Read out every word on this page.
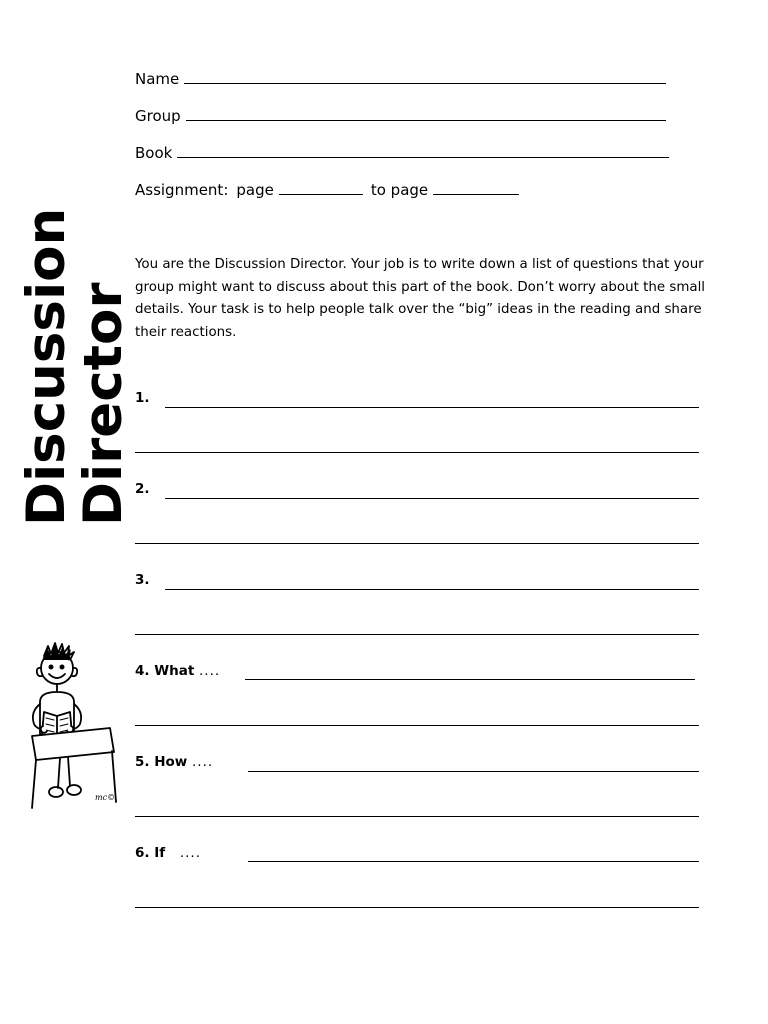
Name
Group
Book
Assignment: page	to page
Discussion
Director

You are the Discussion Director. Your job is to write down a list of questions that your group might want to discuss about this part of the book. Don’t worry about the small details. Your task is to help people talk over the “big” ideas in the reading and share their reactions.

1.
2.
3.
4. What ....
5. How ....
6. If ....
mc©
